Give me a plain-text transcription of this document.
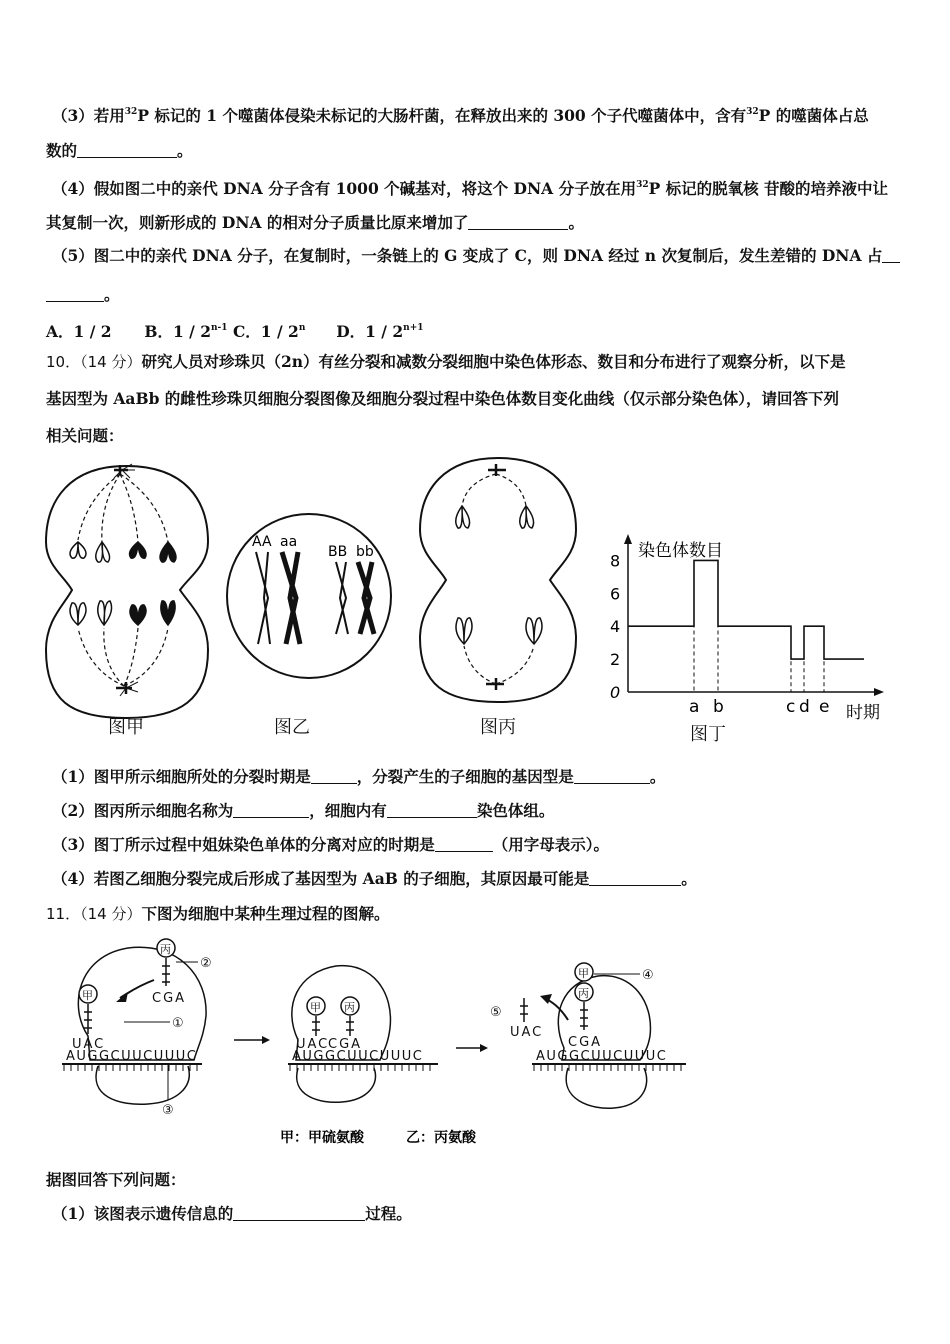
（3）若用$^{32}$P 标记的 1 个噬菌体侵染未标记的大肠杆菌，在释放出来的 300 个子代噬菌体中，含有$^{32}$P 的噬菌体占总
数的	。
（4）假如图二中的亲代 DNA 分子含有 1000 个碱基对，将这个 DNA 分子放在用$^{32}$P 标记的脱氧核 苷酸的培养液中让
其复制一次，则新形成的 DNA 的相对分子质量比原来增加了	。
（5）图二中的亲代 DNA 分子，在复制时，一条链上的 G 变成了 C，则 DNA 经过 n 次复制后，发生差错的 DNA 占
。
A．1 / 2 B．1 / 2$^{n-1}$ C．1 / 2$^n$ D．$1 / 2^{n+1}$
10．（14 分）研究人员对珍珠贝（2n）有丝分裂和减数分裂细胞中染色体形态、数目和分布进行了观察分析，以下是
基因型为 AaBb 的雌性珍珠贝细胞分裂图像及细胞分裂过程中染色体数目变化曲线（仅示部分染色体），请回答下列
相关问题：
图甲
AA aa
BB bb
图乙	图丙
染色体数目
0
2
4
6
8
a b	c d e 时期
图丁
（1）图甲所示细胞所处的分裂时期是	，分裂产生的子细胞的基因型是	。
（2）图丙所示细胞名称为	，细胞内有	染色体组。
（3）图丁所示过程中姐妹染色单体的分离对应的时期是	（用字母表示）。
（4）若图乙细胞分裂完成后形成了基因型为 AaB 的子细胞，其原因最可能是	。
11．（14 分）下图为细胞中某种生理过程的图解。
AUGGCUUCUUUC
UAC
甲
丙
CGA
②
①
③
AUGGCUUCUUUC
UAC
CGA
甲 丙
AUGGCUUCUUUC
甲
丙
CGA
④
UAC
⑤
甲：甲硫氨酸　　　乙：丙氨酸
据图回答下列问题：
（1）该图表示遗传信息的	过程。
